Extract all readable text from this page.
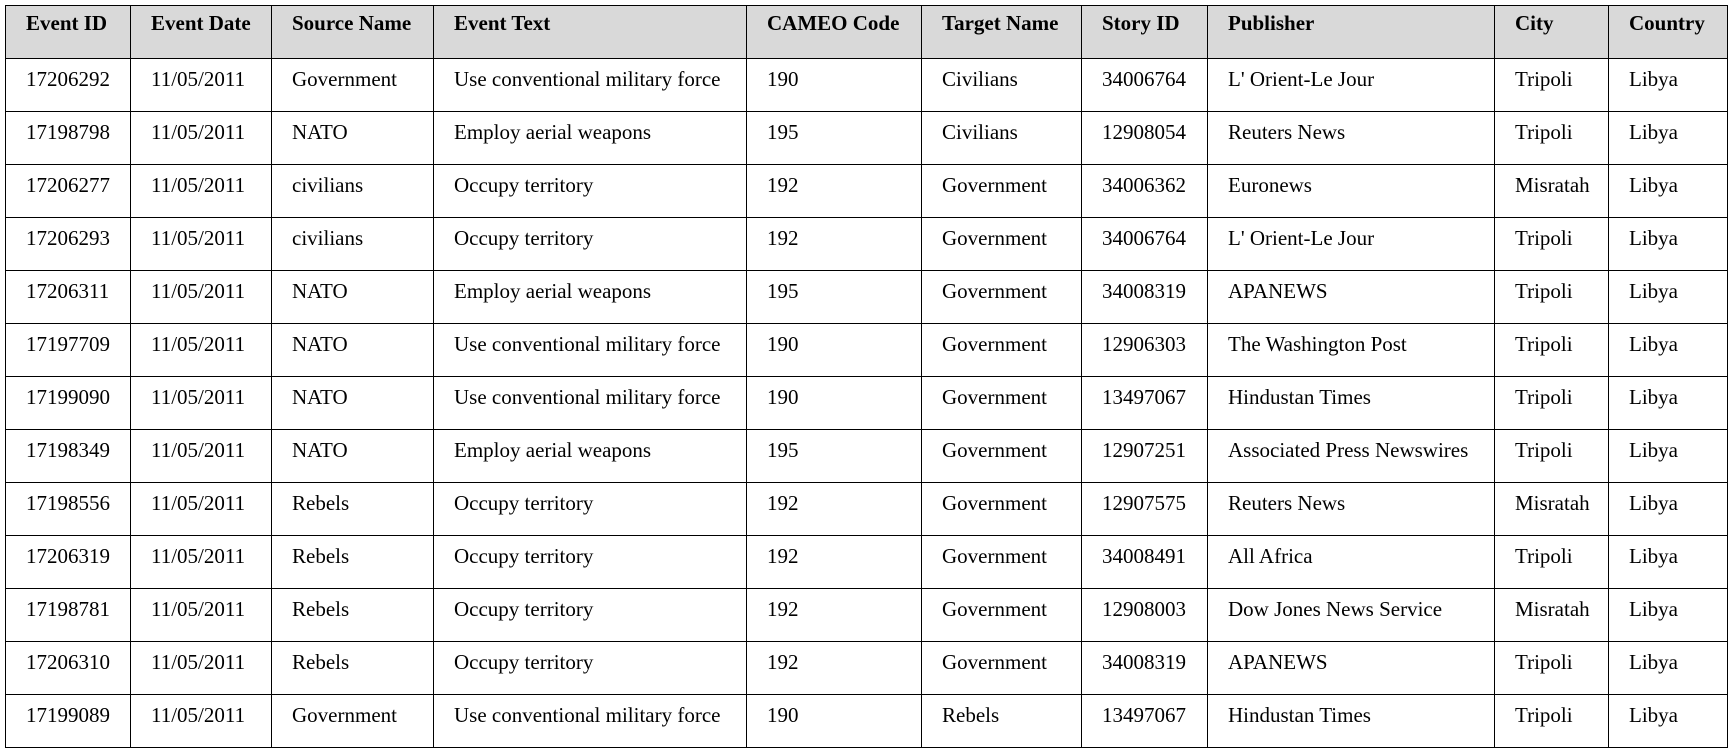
Event ID	Event Date	Source Name	Event Text	CAMEO Code	Target Name	Story ID	Publisher	City	Country
17206292	11/05/2011	Government	Use conventional military force	190	Civilians	34006764	L' Orient-Le Jour	Tripoli	Libya
17198798	11/05/2011	NATO	Employ aerial weapons	195	Civilians	12908054	Reuters News	Tripoli	Libya
17206277	11/05/2011	civilians	Occupy territory	192	Government	34006362	Euronews	Misratah	Libya
17206293	11/05/2011	civilians	Occupy territory	192	Government	34006764	L' Orient-Le Jour	Tripoli	Libya
17206311	11/05/2011	NATO	Employ aerial weapons	195	Government	34008319	APANEWS	Tripoli	Libya
17197709	11/05/2011	NATO	Use conventional military force	190	Government	12906303	The Washington Post	Tripoli	Libya
17199090	11/05/2011	NATO	Use conventional military force	190	Government	13497067	Hindustan Times	Tripoli	Libya
17198349	11/05/2011	NATO	Employ aerial weapons	195	Government	12907251	Associated Press Newswires	Tripoli	Libya
17198556	11/05/2011	Rebels	Occupy territory	192	Government	12907575	Reuters News	Misratah	Libya
17206319	11/05/2011	Rebels	Occupy territory	192	Government	34008491	All Africa	Tripoli	Libya
17198781	11/05/2011	Rebels	Occupy territory	192	Government	12908003	Dow Jones News Service	Misratah	Libya
17206310	11/05/2011	Rebels	Occupy territory	192	Government	34008319	APANEWS	Tripoli	Libya
17199089	11/05/2011	Government	Use conventional military force	190	Rebels	13497067	Hindustan Times	Tripoli	Libya
